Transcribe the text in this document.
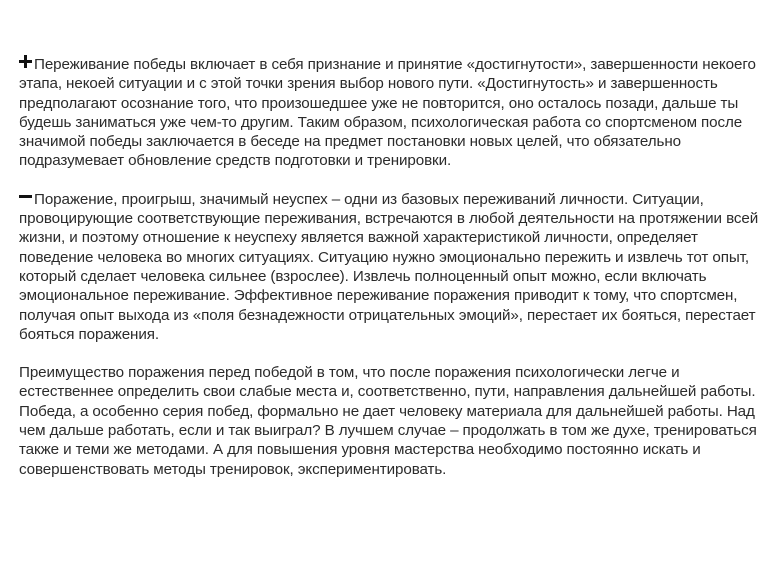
Переживание победы включает в себя признание и принятие «достигнутости», завершенности некоего этапа, некоей ситуации и с этой точки зрения выбор нового пути. «Достигнутость» и завершенность предполагают осознание того, что произошедшее уже не повторится, оно осталось позади, дальше ты будешь заниматься уже чем-то другим. Таким образом, психологическая работа со спортсменом после значимой победы заключается в беседе на предмет постановки новых целей, что обязательно подразумевает обновление средств подготовки и тренировки.

Поражение, проигрыш, значимый неуспех – одни из базовых переживаний личности. Ситуации, провоцирующие соответствующие переживания, встречаются в любой деятельности на протяжении всей жизни, и поэтому отношение к неуспеху является важной характеристикой личности, определяет поведение человека во многих ситуациях. Ситуацию нужно эмоционально пережить и извлечь тот опыт, который сделает человека сильнее (взрослее). Извлечь полноценный опыт можно, если включать эмоциональное переживание. Эффективное переживание поражения приводит к тому, что спортсмен, получая опыт выхода из «поля безнадежности отрицательных эмоций», перестает их бояться, перестает бояться поражения.

Преимущество поражения перед победой в том, что после поражения психологически легче и естественнее определить свои слабые места и, соответственно, пути, направления дальнейшей работы. Победа, а особенно серия побед, формально не дает человеку материала для дальнейшей работы. Над чем дальше работать, если и так выиграл? В лучшем случае – продолжать в том же духе, тренироваться также и теми же методами. А для повышения уровня мастерства необходимо постоянно искать и совершенствовать методы тренировок, экспериментировать.
